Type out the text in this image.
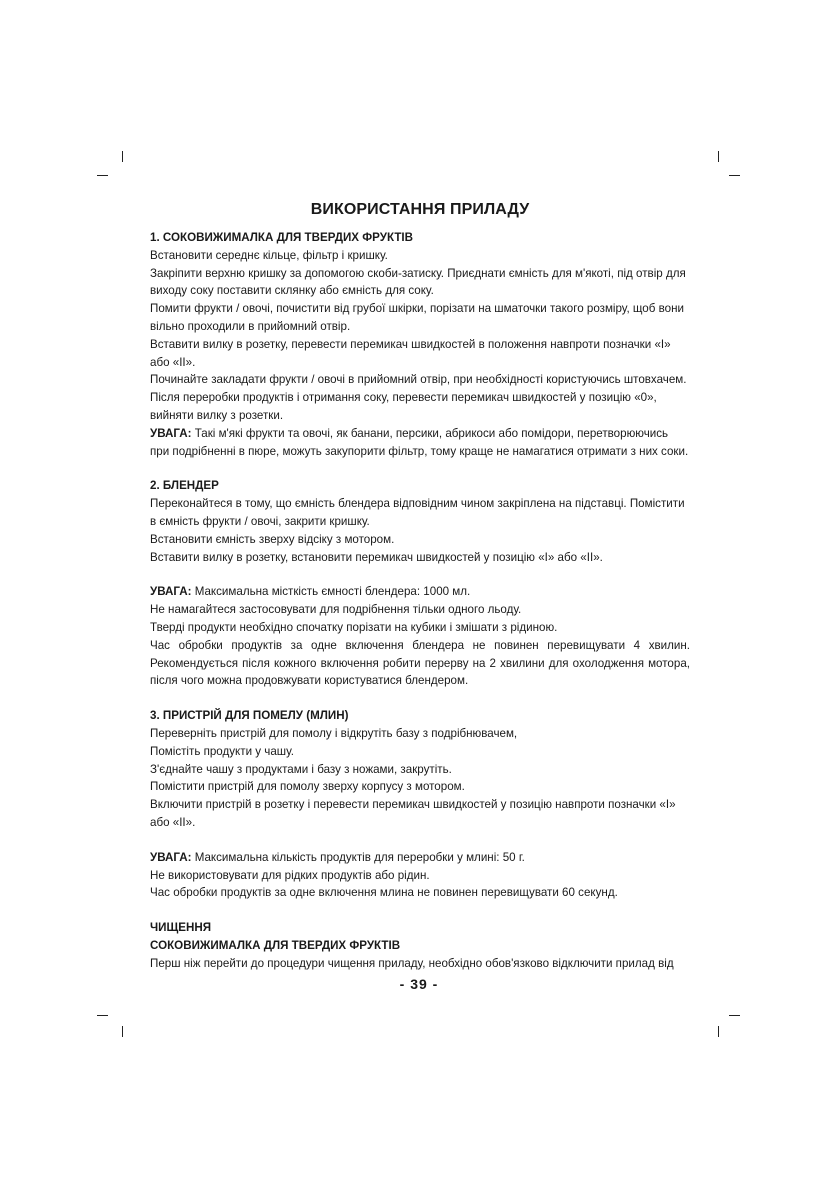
ВИКОРИСТАННЯ ПРИЛАДУ
1. СОКОВИЖИМАЛКА ДЛЯ ТВЕРДИХ ФРУКТІВ
Встановити середнє кільце, фільтр і кришку.
Закріпити верхню кришку за допомогою скоби-затиску. Приєднати ємність для м'якоті, під отвір для виходу соку поставити склянку або ємність для соку.
Помити фрукти / овочі, почистити від грубої шкірки, порізати на шматочки такого розміру, щоб вони вільно проходили в прийомний отвір.
Вставити вилку в розетку, перевести перемикач швидкостей в положення навпроти позначки «I» або «II».
Починайте закладати фрукти / овочі в прийомний отвір, при необхідності користуючись штовхачем.
Після переробки продуктів і отримання соку, перевести перемикач швидкостей у позицію «0», вийняти вилку з розетки.
УВАГА: Такі м'які фрукти та овочі, як банани, персики, абрикоси або помідори, перетворюючись при подрібненні в пюре, можуть закупорити фільтр, тому краще не намагатися отримати з них соки.
2. БЛЕНДЕР
Переконайтеся в тому, що ємність блендера відповідним чином закріплена на підставці. Помістити в ємність фрукти / овочі, закрити кришку.
Встановити ємність зверху відсіку з мотором.
Вставити вилку в розетку, встановити перемикач швидкостей у позицію «I» або «II».
УВАГА: Максимальна місткість ємності блендера: 1000 мл.
Не намагайтеся застосовувати для подрібнення тільки одного льоду.
Тверді продукти необхідно спочатку порізати на кубики і змішати з рідиною.
Час обробки продуктів за одне включення блендера не повинен перевищувати 4 хвилин. Рекомендується після кожного включення робити перерву на 2 хвилини для охолодження мотора, після чого можна продовжувати користуватися блендером.
3. ПРИСТРІЙ ДЛЯ ПОМЕЛУ (МЛИН)
Переверніть пристрій для помолу і відкрутіть базу з подрібнювачем,
Помістіть продукти у чашу.
З'єднайте чашу з продуктами і базу з ножами, закрутіть.
Помістити пристрій для помолу зверху корпусу з мотором.
Включити пристрій в розетку і перевести перемикач швидкостей у позицію навпроти позначки «I» або «II».
УВАГА: Максимальна кількість продуктів для переробки у млині: 50 г.
Не використовувати для рідких продуктів або рідин.
Час обробки продуктів за одне включення млина не повинен перевищувати 60 секунд.
ЧИЩЕННЯ
СОКОВИЖИМАЛКА ДЛЯ ТВЕРДИХ ФРУКТІВ
Перш ніж перейти до процедури чищення приладу, необхідно обов'язково відключити прилад від
- 39 -
